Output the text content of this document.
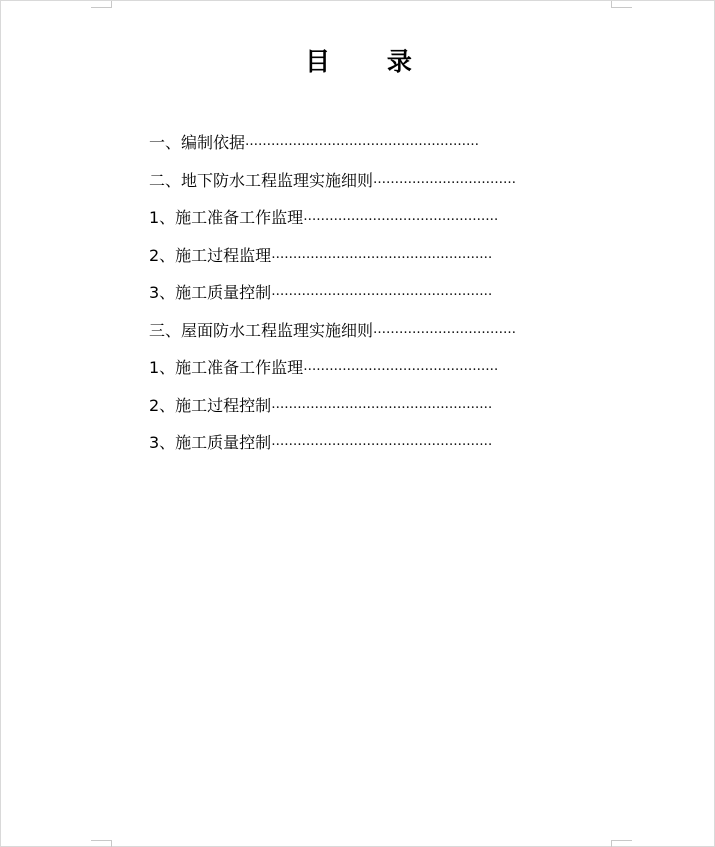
目 录
一、编制依据 ………………………………………………
二、地下防水工程监理实施细则 ……………………………
1、施工准备工作监理 ………………………………………
2、施工过程监理 ……………………………………………
3、施工质量控制 ……………………………………………
三、屋面防水工程监理实施细则 ……………………………
1、施工准备工作监理 ………………………………………
2、施工过程控制 ……………………………………………
3、施工质量控制 ……………………………………………
